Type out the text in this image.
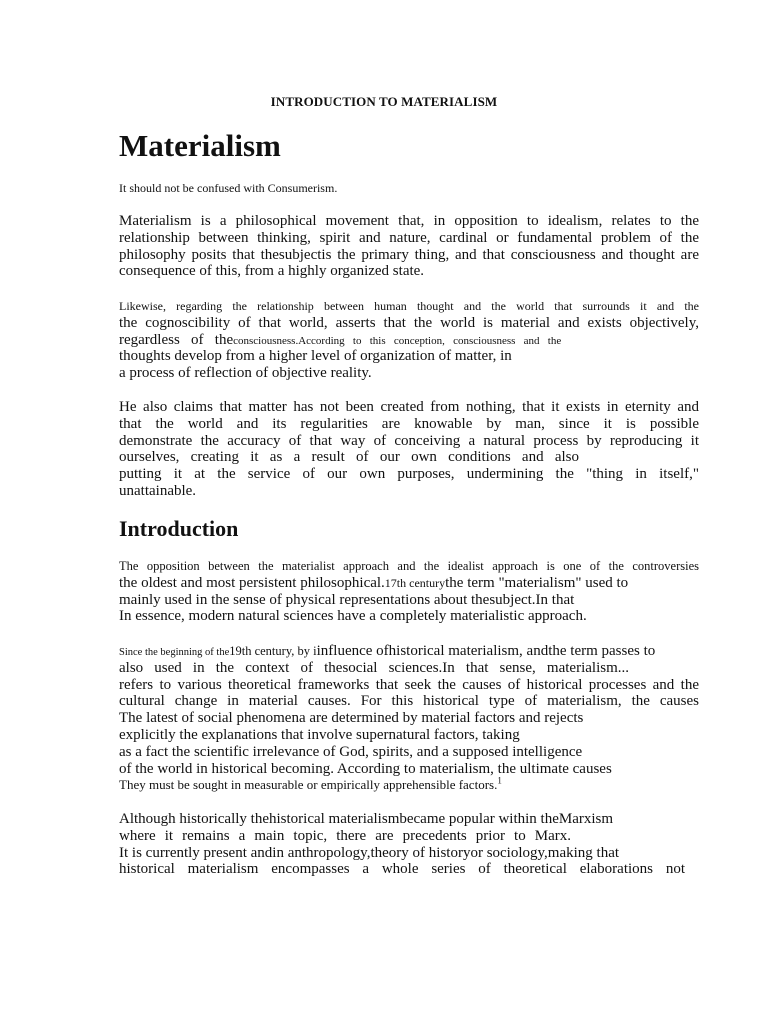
INTRODUCTION TO MATERIALISM
Materialism
It should not be confused with Consumerism.
Materialism is a philosophical movement that, in opposition to idealism, relates to the
relationship between thinking, spirit and nature, cardinal or fundamental problem of the
philosophy posits that thesubjectis the primary thing, and that consciousness and thought are
consequence of this, from a highly organized state.
Likewise, regarding the relationship between human thought and the world that surrounds it and the
the cognoscibility of that world, asserts that the world is material and exists objectively,
regardless   of   theconsciousness.According   to   this   conception,   consciousness   and   the
thoughts develop from a higher level of organization of matter, in
a process of reflection of objective reality.
He also claims that matter has not been created from nothing, that it exists in eternity and
that the world and its regularities are knowable by man, since it is possible
demonstrate the accuracy of that way of conceiving a natural process by reproducing it
ourselves, creating it as a result of our own conditions and also
putting it at the service of our own purposes, undermining the "thing in itself,"
unattainable.
Introduction
The opposition between the materialist approach and the idealist approach is one of the controversies
the oldest and most persistent philosophical.17th centurythe term "materialism" used to
mainly used in the sense of physical representations about thesubject.In that
In essence, modern natural sciences have a completely materialistic approach.
Since the beginning of the19th century, by iinfluence ofhistorical materialism, andthe term passes to
also used in the context of thesocial sciences.In that sense, materialism...
refers to various theoretical frameworks that seek the causes of historical processes and the
cultural change in material causes. For this historical type of materialism, the causes
The latest of social phenomena are determined by material factors and rejects
explicitly the explanations that involve supernatural factors, taking
as a fact the scientific irrelevance of God, spirits, and a supposed intelligence
of the world in historical becoming. According to materialism, the ultimate causes
They must be sought in measurable or empirically apprehensible factors.$^1$
Although historically thehistorical materialismbecame popular within theMarxism
where it remains a main topic, there are precedents prior to Marx.
It is currently present andin anthropology,theory of historyor sociology,making that
historical materialism encompasses a whole series of theoretical elaborations not
